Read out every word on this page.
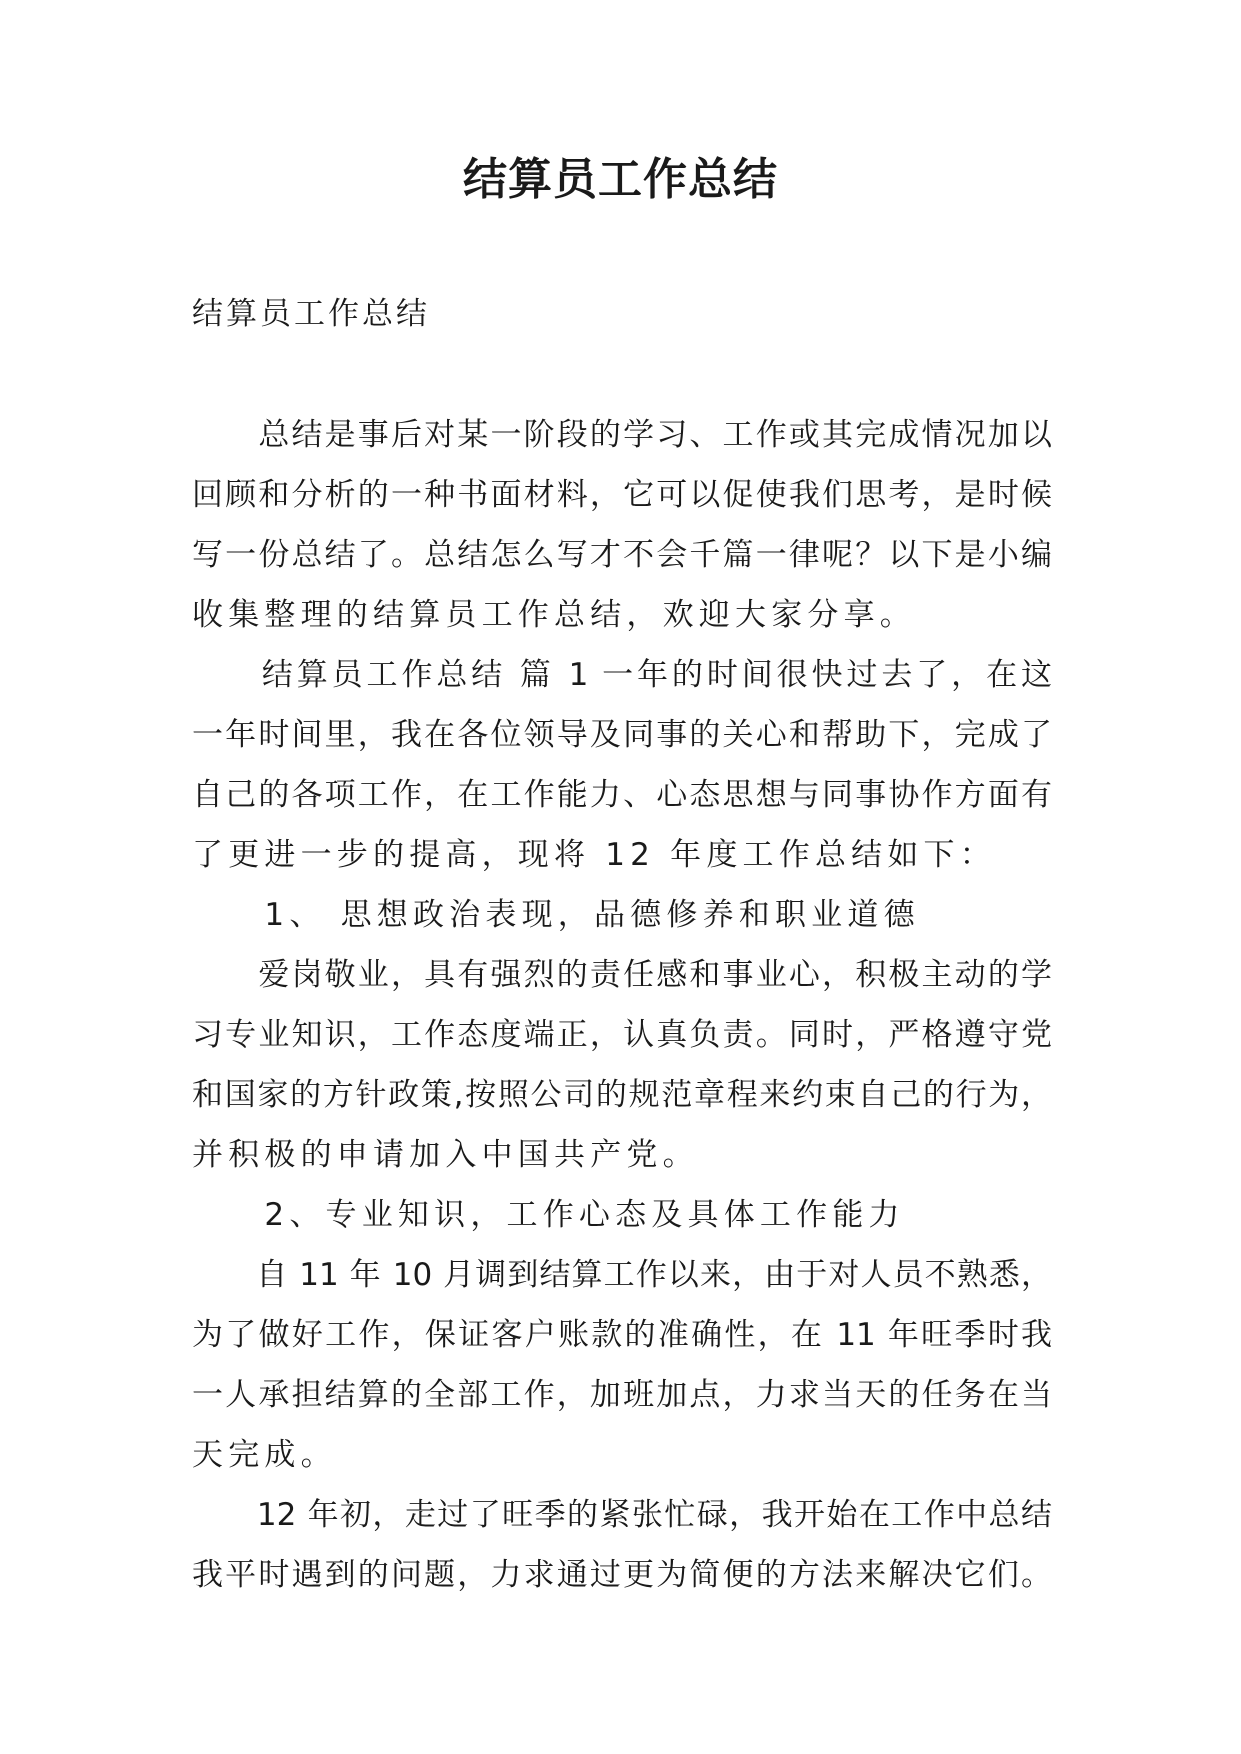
结算员工作总结
结算员工作总结
　　总结是事后对某一阶段的学习、工作或其完成情况加以
回顾和分析的一种书面材料，它可以促使我们思考，是时候
写一份总结了。总结怎么写才不会千篇一律呢？以下是小编
收集整理的结算员工作总结，欢迎大家分享。
　　结算员工作总结 篇 1 一年的时间很快过去了，在这
一年时间里，我在各位领导及同事的关心和帮助下，完成了
自己的各项工作，在工作能力、心态思想与同事协作方面有
了更进一步的提高，现将 12 年度工作总结如下：
　　1、 思想政治表现，品德修养和职业道德
　　爱岗敬业，具有强烈的责任感和事业心，积极主动的学
习专业知识，工作态度端正，认真负责。同时，严格遵守党
和国家的方针政策,按照公司的规范章程来约束自己的行为，
并积极的申请加入中国共产党。
　　2、专业知识，工作心态及具体工作能力
　　自 11 年 10 月调到结算工作以来，由于对人员不熟悉，
为了做好工作，保证客户账款的准确性，在 11 年旺季时我
一人承担结算的全部工作，加班加点，力求当天的任务在当
天完成。
　　12 年初，走过了旺季的紧张忙碌，我开始在工作中总结
我平时遇到的问题，力求通过更为简便的方法来解决它们。
